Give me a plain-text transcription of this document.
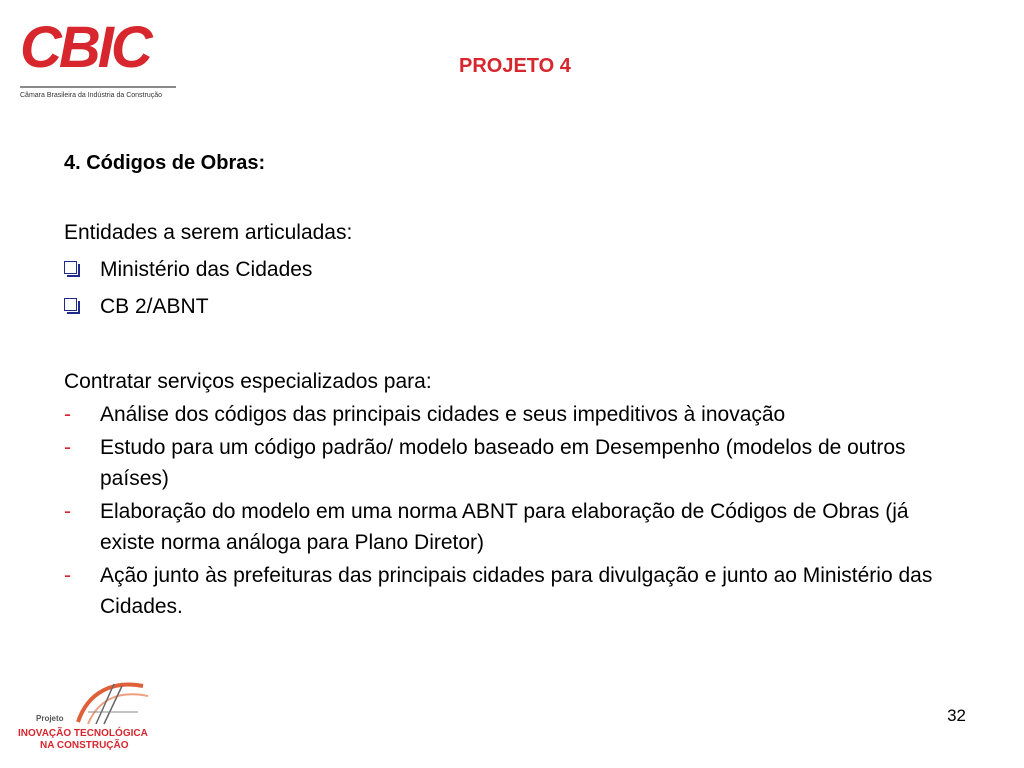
CBIC
Câmara Brasileira da Indústria da Construção
PROJETO 4

4. Códigos de Obras:

Entidades a serem articuladas:

Ministério das Cidades
CB 2/ABNT

Contratar serviços especializados para:

-	Análise dos códigos das principais cidades e seus impeditivos à inovação
-	Estudo para um código padrão/ modelo baseado em Desempenho (modelos de outros países)
-	Elaboração do modelo em uma norma ABNT para elaboração de Códigos de Obras (já existe norma análoga para Plano Diretor)
-	Ação junto às prefeituras das principais cidades para divulgação e junto ao Ministério das Cidades.
Projeto
INOVAÇÃO TECNOLÓGICA
NA CONSTRUÇÃO
32
